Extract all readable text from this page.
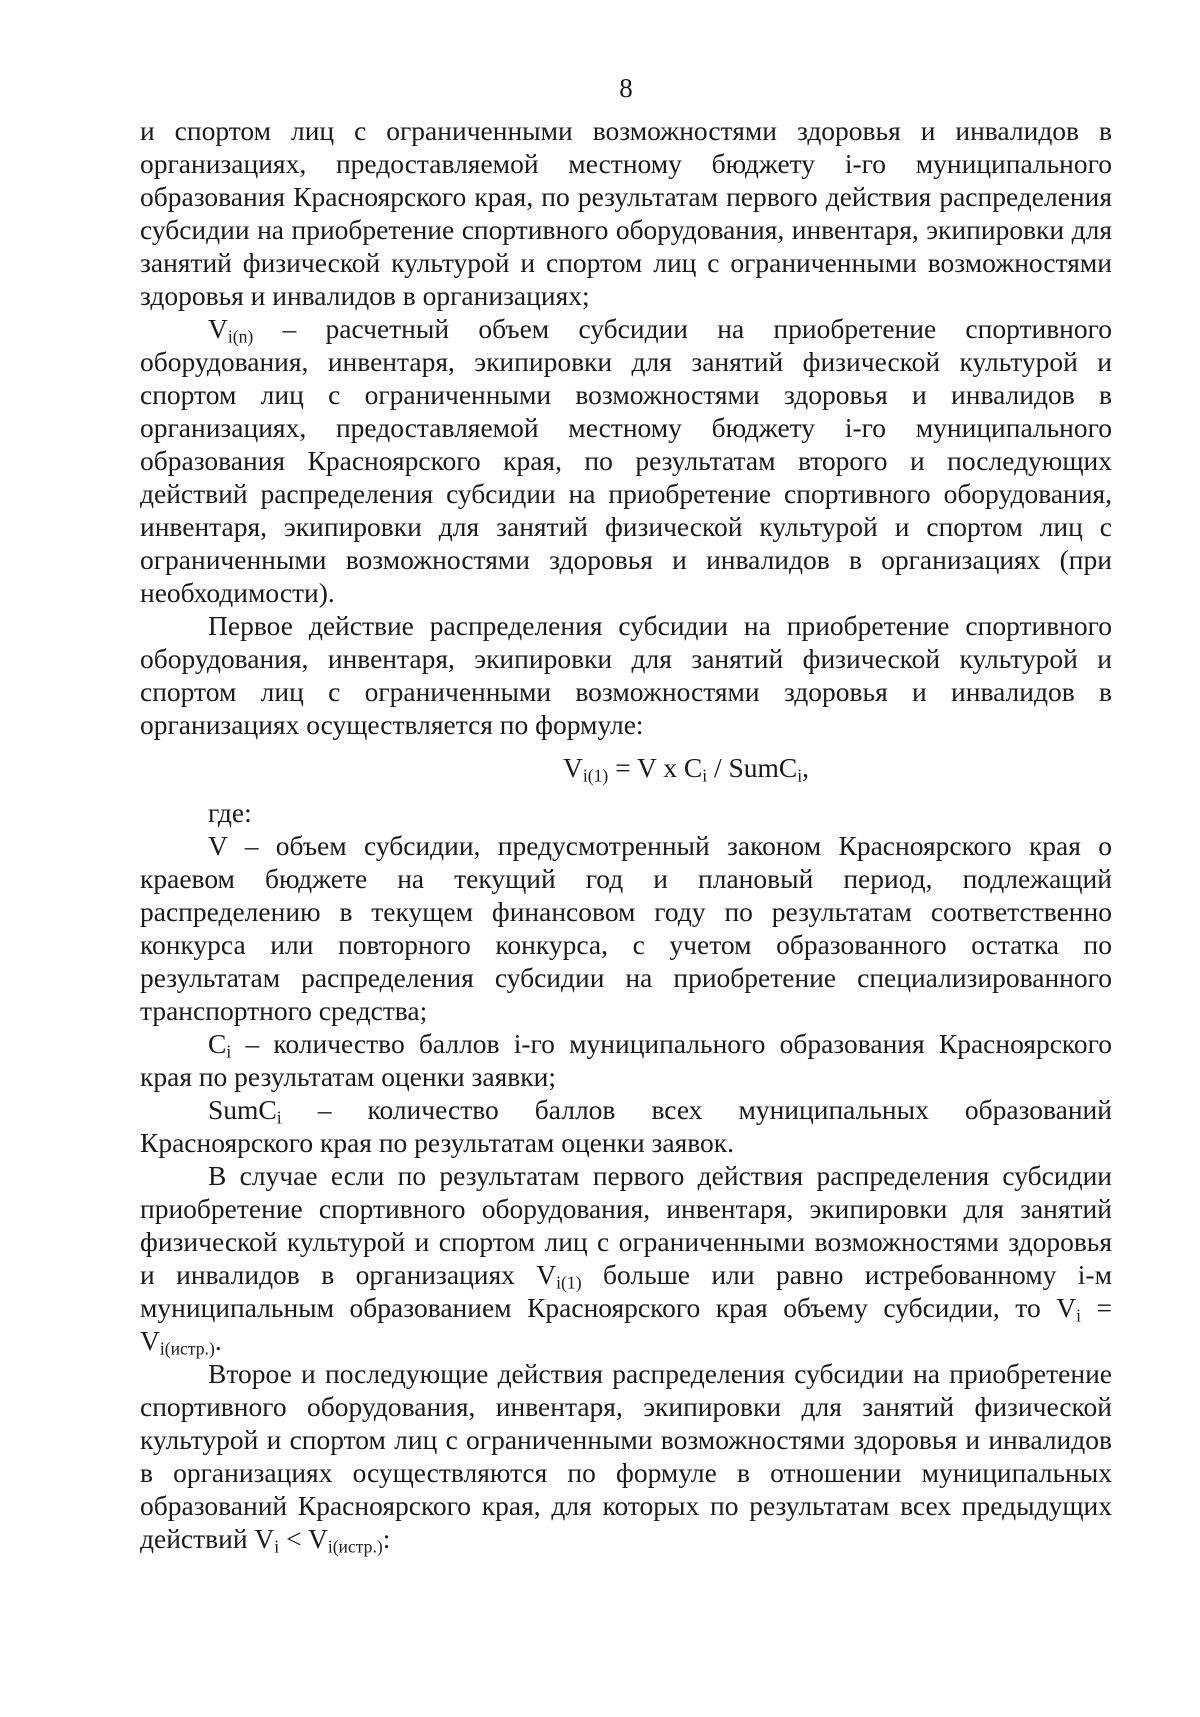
8

и спортом лиц с ограниченными возможностями здоровья и инвалидов в организациях, предоставляемой местному бюджету i-го муниципального образования Красноярского края, по результатам первого действия распределения субсидии на приобретение спортивного оборудования, инвентаря, экипировки для занятий физической культурой и спортом лиц с ограниченными возможностями здоровья и инвалидов в организациях;

$V_{i(n)}$ – расчетный объем субсидии на приобретение спортивного оборудования, инвентаря, экипировки для занятий физической культурой и спортом лиц с ограниченными возможностями здоровья и инвалидов в организациях, предоставляемой местному бюджету i-го муниципального образования Красноярского края, по результатам второго и последующих действий распределения субсидии на приобретение спортивного оборудования, инвентаря, экипировки для занятий физической культурой и спортом лиц с ограниченными возможностями здоровья и инвалидов в организациях (при необходимости).

Первое действие распределения субсидии на приобретение спортивного оборудования, инвентаря, экипировки для занятий физической культурой и спортом лиц с ограниченными возможностями здоровья и инвалидов в организациях осуществляется по формуле:

$V_{i(1)} = V$ x $C_i$ / SumC$_i$,

где:

V – объем субсидии, предусмотренный законом Красноярского края о краевом бюджете на текущий год и плановый период, подлежащий распределению в текущем финансовом году по результатам соответственно конкурса или повторного конкурса, с учетом образованного остатка по результатам распределения субсидии на приобретение специализированного транспортного средства;

$C_i$ – количество баллов i-го муниципального образования Красноярского края по результатам оценки заявки;

SumC$_i$ – количество баллов всех муниципальных образований Красноярского края по результатам оценки заявок.

В случае если по результатам первого действия распределения субсидии приобретение спортивного оборудования, инвентаря, экипировки для занятий физической культурой и спортом лиц с ограниченными возможностями здоровья и инвалидов в организациях $V_{i(1)}$ больше или равно истребованному i-м муниципальным образованием Красноярского края объему субсидии, то $V_i = V_{i(истр.)}$.

Второе и последующие действия распределения субсидии на приобретение спортивного оборудования, инвентаря, экипировки для занятий физической культурой и спортом лиц с ограниченными возможностями здоровья и инвалидов в организациях осуществляются по формуле в отношении муниципальных образований Красноярского края, для которых по результатам всех предыдущих действий $V_i < V_{i(истр.)}$:
